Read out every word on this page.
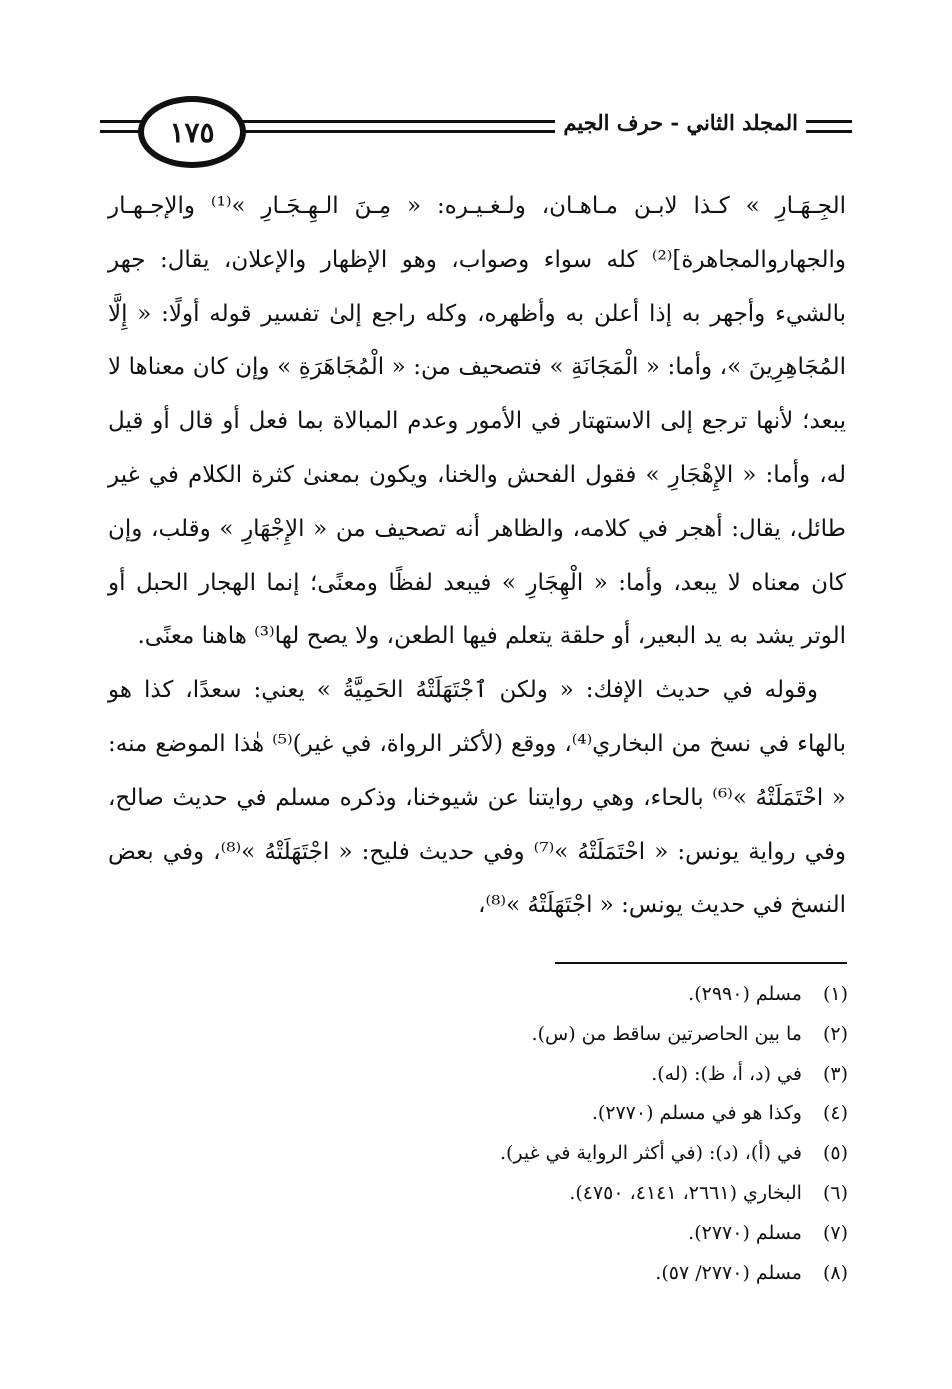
١٧٥	المجلد الثاني - حرف الجيم

الجِـهَـارِ » كـذا لابـن مـاهـان، ولـغـيـره: « مِـنَ الـهِـجَـارِ »⁽¹⁾ والإجـهـار والجهاروالمجاهرة]⁽²⁾ كله سواء وصواب، وهو الإظهار والإعلان، يقال: جهر بالشيء وأجهر به إذا أعلن به وأظهره، وكله راجع إلىٰ تفسير قوله أولًا: « إِلَّا المُجَاهِرِينَ »، وأما: « الْمَجَانَةِ » فتصحيف من: « الْمُجَاهَرَةِ » وإن كان معناها لا يبعد؛ لأنها ترجع إلى الاستهتار في الأمور وعدم المبالاة بما فعل أو قال أو قيل له، وأما: « الإِهْجَارِ » فقول الفحش والخنا، ويكون بمعنىٰ كثرة الكلام في غير طائل، يقال: أهجر في كلامه، والظاهر أنه تصحيف من « الإِجْهَارِ » وقلب، وإن كان معناه لا يبعد، وأما: « الْهِجَارِ » فيبعد لفظًا ومعنًى؛ إنما الهجار الحبل أو الوتر يشد به يد البعير، أو حلقة يتعلم فيها الطعن، ولا يصح لها⁽³⁾ هاهنا معنًى.

وقوله في حديث الإفك: « ولكن ٱجْتَهَلَتْهُ الحَمِيَّةُ » يعني: سعدًا، كذا هو بالهاء في نسخ من البخاري⁽⁴⁾، ووقع (لأكثر الرواة، في غير)⁽⁵⁾ هٰذا الموضع منه: « احْتَمَلَتْهُ »⁽⁶⁾ بالحاء، وهي روايتنا عن شيوخنا، وذكره مسلم في حديث صالح، وفي رواية يونس: « احْتَمَلَتْهُ »⁽⁷⁾ وفي حديث فليح: « اجْتَهَلَتْهُ »⁽⁸⁾، وفي بعض النسخ في حديث يونس: « اجْتَهَلَتْهُ »⁽⁸⁾،

(١) مسلم (٢٩٩٠).
(٢) ما بين الحاصرتين ساقط من (س).
(٣) في (د، أ، ظ): (له).
(٤) وكذا هو في مسلم (٢٧٧٠).
(٥) في (أ)، (د): (في أكثر الرواية في غير).
(٦) البخاري (٢٦٦١، ٤١٤١، ٤٧٥٠).
(٧) مسلم (٢٧٧٠).
(٨) مسلم (٢٧٧٠/ ٥٧).
